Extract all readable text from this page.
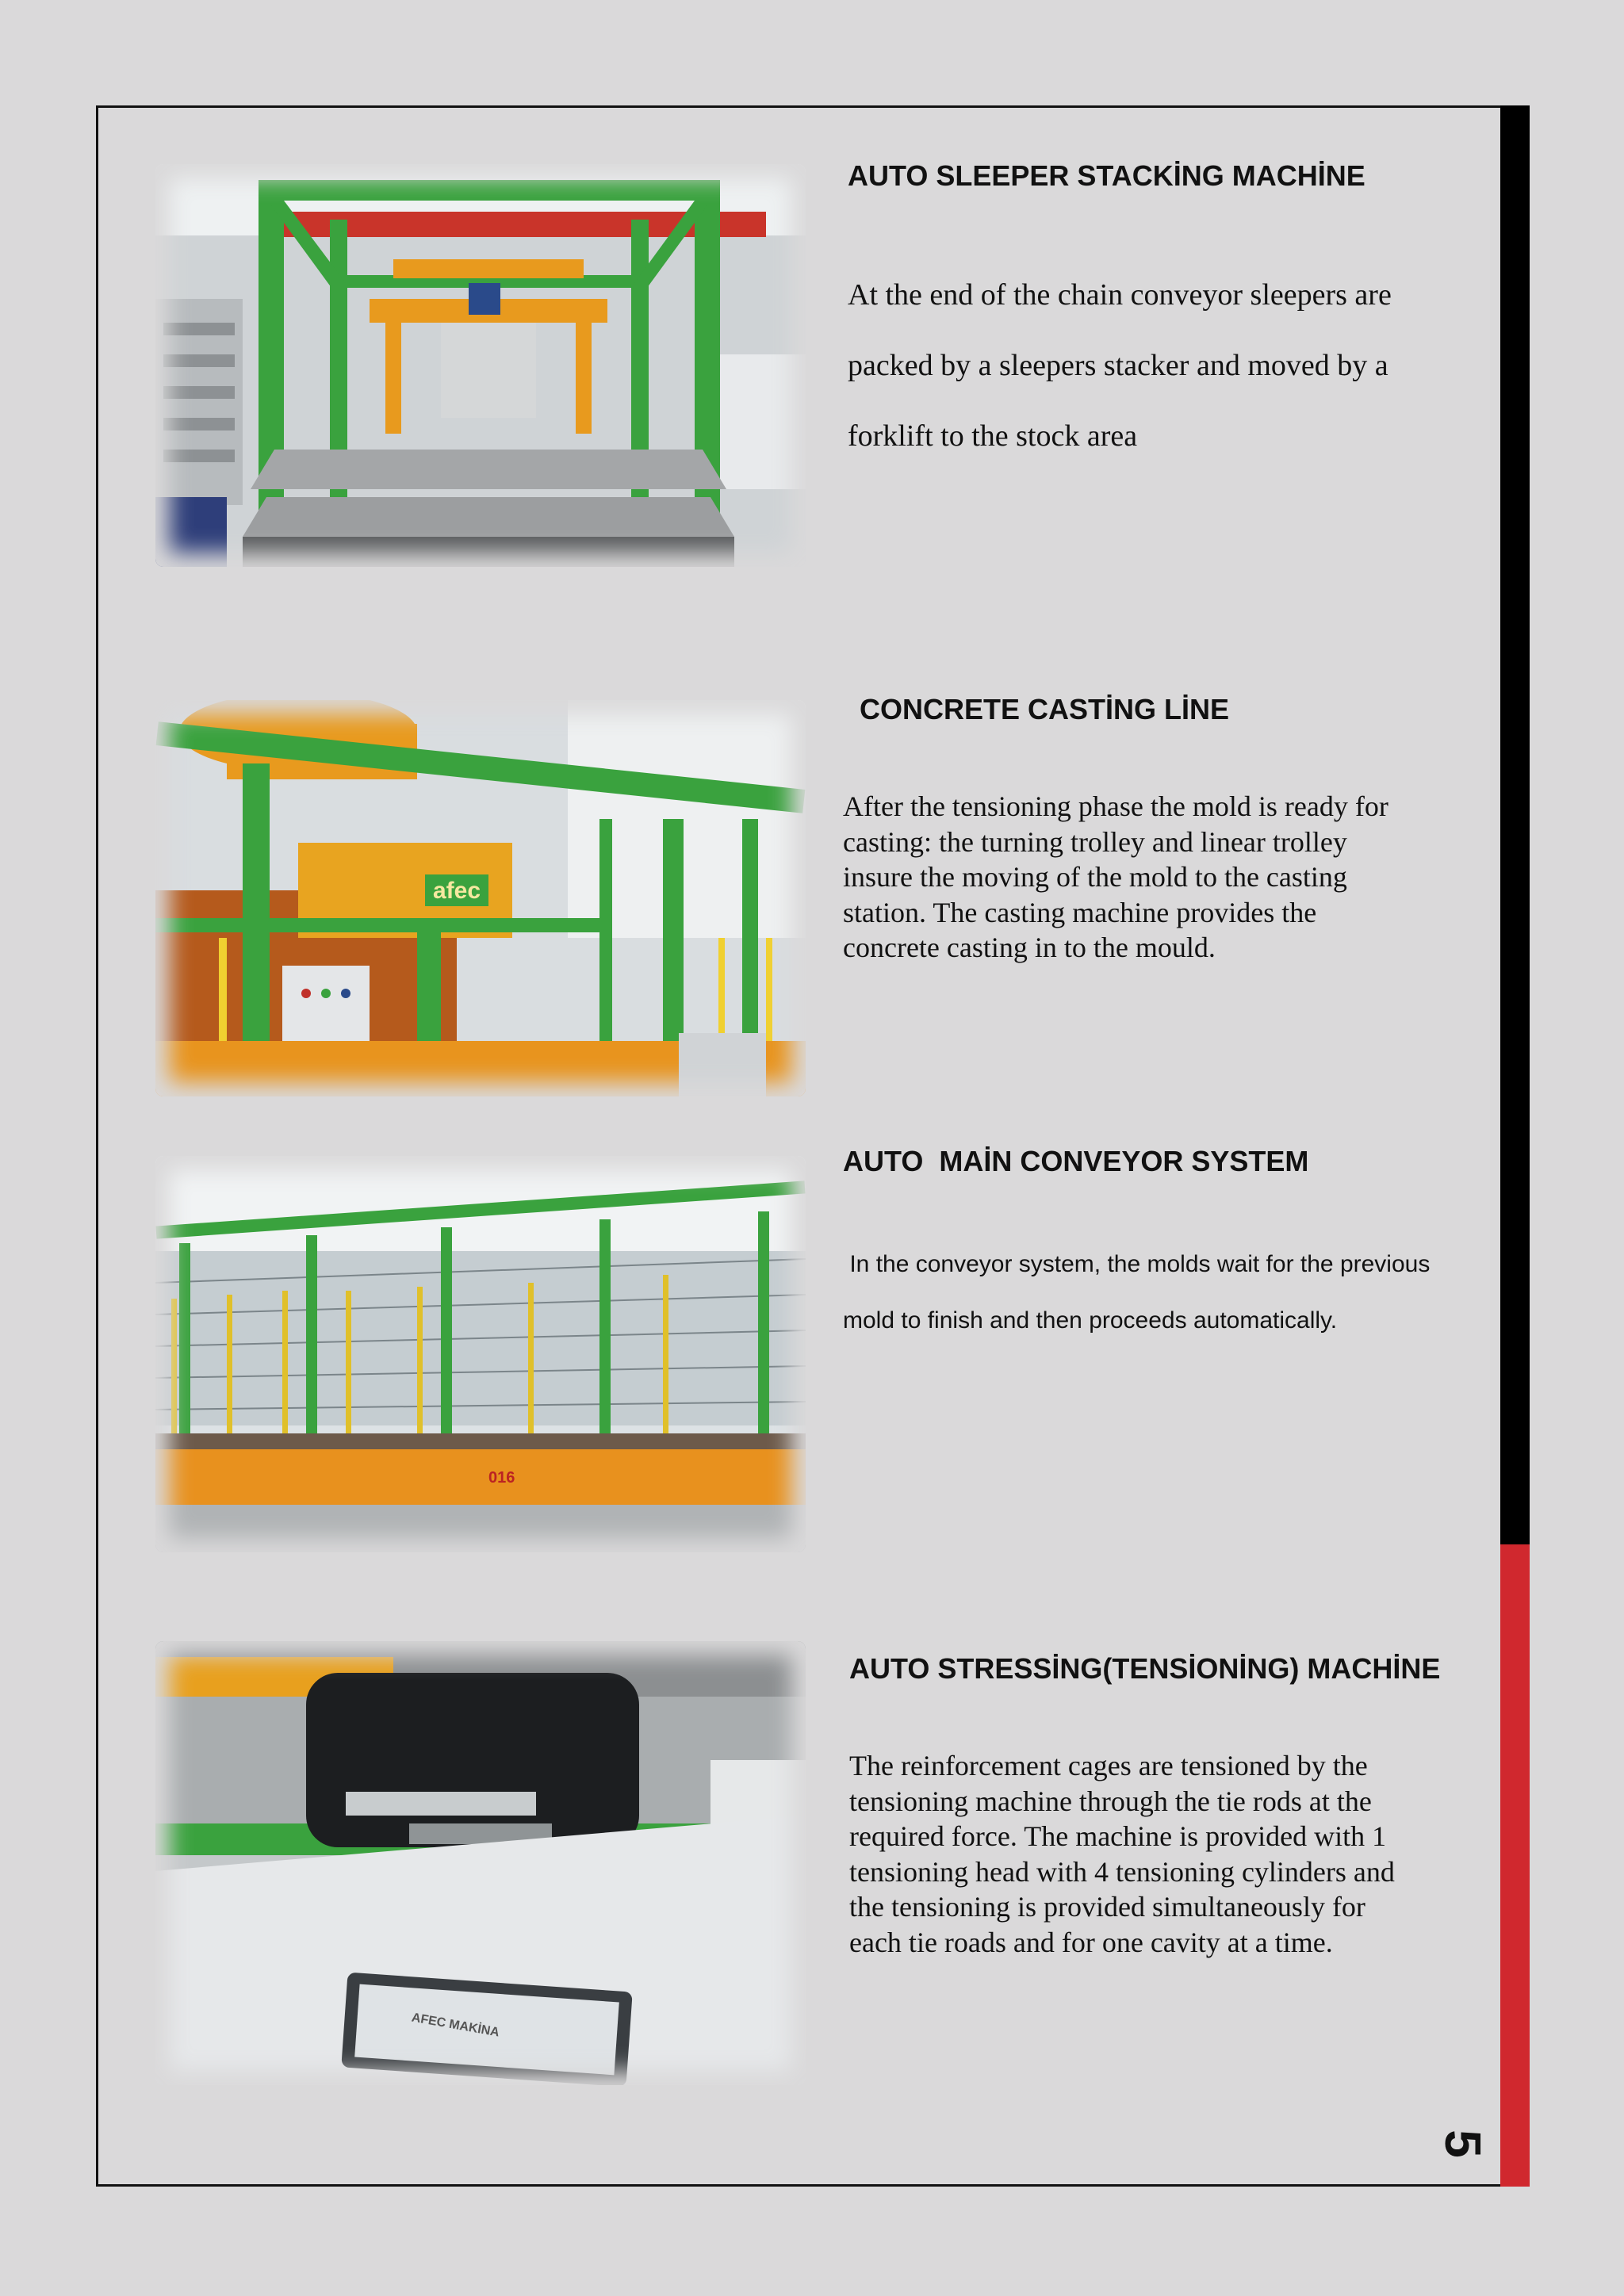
5
AUTO SLEEPER STACKİNG MACHİNE

At the end of the chain conveyor sleepers are
packed by a sleepers stacker and moved by a
forklift to the stock area

afec
CONCRETE CASTİNG LİNE

After the tensioning phase the mold is ready for
casting: the turning trolley and linear trolley
insure the moving of the mold to the casting
station. The casting machine provides the
concrete casting in to the mould.

016
AUTO  MAİN CONVEYOR SYSTEM

In the conveyor system, the molds wait for the previous
mold to finish and then proceeds automatically.

AFEC MAKİNA
AUTO STRESSİNG(TENSİONİNG) MACHİNE

The reinforcement cages are tensioned by the
tensioning machine through the tie rods at the
required force. The machine is provided with 1
tensioning head with 4 tensioning cylinders and
the tensioning is provided simultaneously for
each tie roads and for one cavity at a time.
